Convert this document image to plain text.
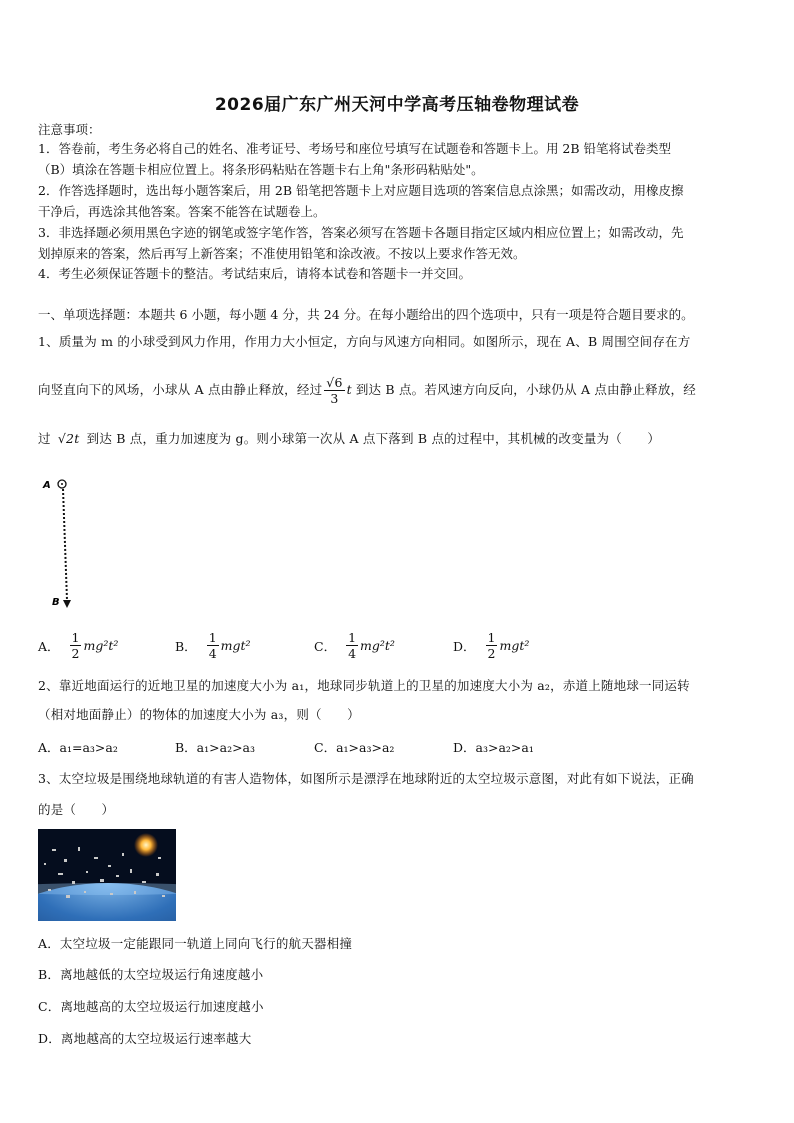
2026届广东广州天河中学高考压轴卷物理试卷
注意事项：
1．答卷前，考生务必将自己的姓名、准考证号、考场号和座位号填写在试题卷和答题卡上。用 2B 铅笔将试卷类型
（B）填涂在答题卡相应位置上。将条形码粘贴在答题卡右上角"条形码粘贴处"。
2．作答选择题时，选出每小题答案后，用 2B 铅笔把答题卡上对应题目选项的答案信息点涂黑；如需改动，用橡皮擦
干净后，再选涂其他答案。答案不能答在试题卷上。
3．非选择题必须用黑色字迹的钢笔或签字笔作答，答案必须写在答题卡各题目指定区域内相应位置上；如需改动，先
划掉原来的答案，然后再写上新答案；不准使用铅笔和涂改液。不按以上要求作答无效。
4．考生必须保证答题卡的整洁。考试结束后，请将本试卷和答题卡一并交回。
一、单项选择题：本题共 6 小题，每小题 4 分，共 24 分。在每小题给出的四个选项中，只有一项是符合题目要求的。
1、质量为 m 的小球受到风力作用，作用力大小恒定，方向与风速方向相同。如图所示，现在 A、B 周围空间存在方
向竖直向下的风场，小球从 A 点由静止释放，经过 $\frac{√6}{3}$ t 到达 B 点。若风速方向反向，小球仍从 A 点由静止释放，经
过 √2t 到达 B 点，重力加速度为 g。则小球第一次从 A 点下落到 B 点的过程中，其机械的改变量为（　　）
A
B
A． $\frac{1}{2} mg^2t^2$	B． $\frac{1}{4} mgt^2$	C． $\frac{1}{4} mg^2t^2$	D． $\frac{1}{2} mgt^2$
2、靠近地面运行的近地卫星的加速度大小为 a₁，地球同步轨道上的卫星的加速度大小为 a₂，赤道上随地球一同运转
（相对地面静止）的物体的加速度大小为 a₃，则（　　）
A．a₁=a₃>a₂	B．a₁>a₂>a₃	C．a₁>a₃>a₂	D．a₃>a₂>a₁
3、太空垃圾是围绕地球轨道的有害人造物体，如图所示是漂浮在地球附近的太空垃圾示意图，对此有如下说法，正确
的是（　　）
A．太空垃圾一定能跟同一轨道上同向飞行的航天器相撞
B．离地越低的太空垃圾运行角速度越小
C．离地越高的太空垃圾运行加速度越小
D．离地越高的太空垃圾运行速率越大
